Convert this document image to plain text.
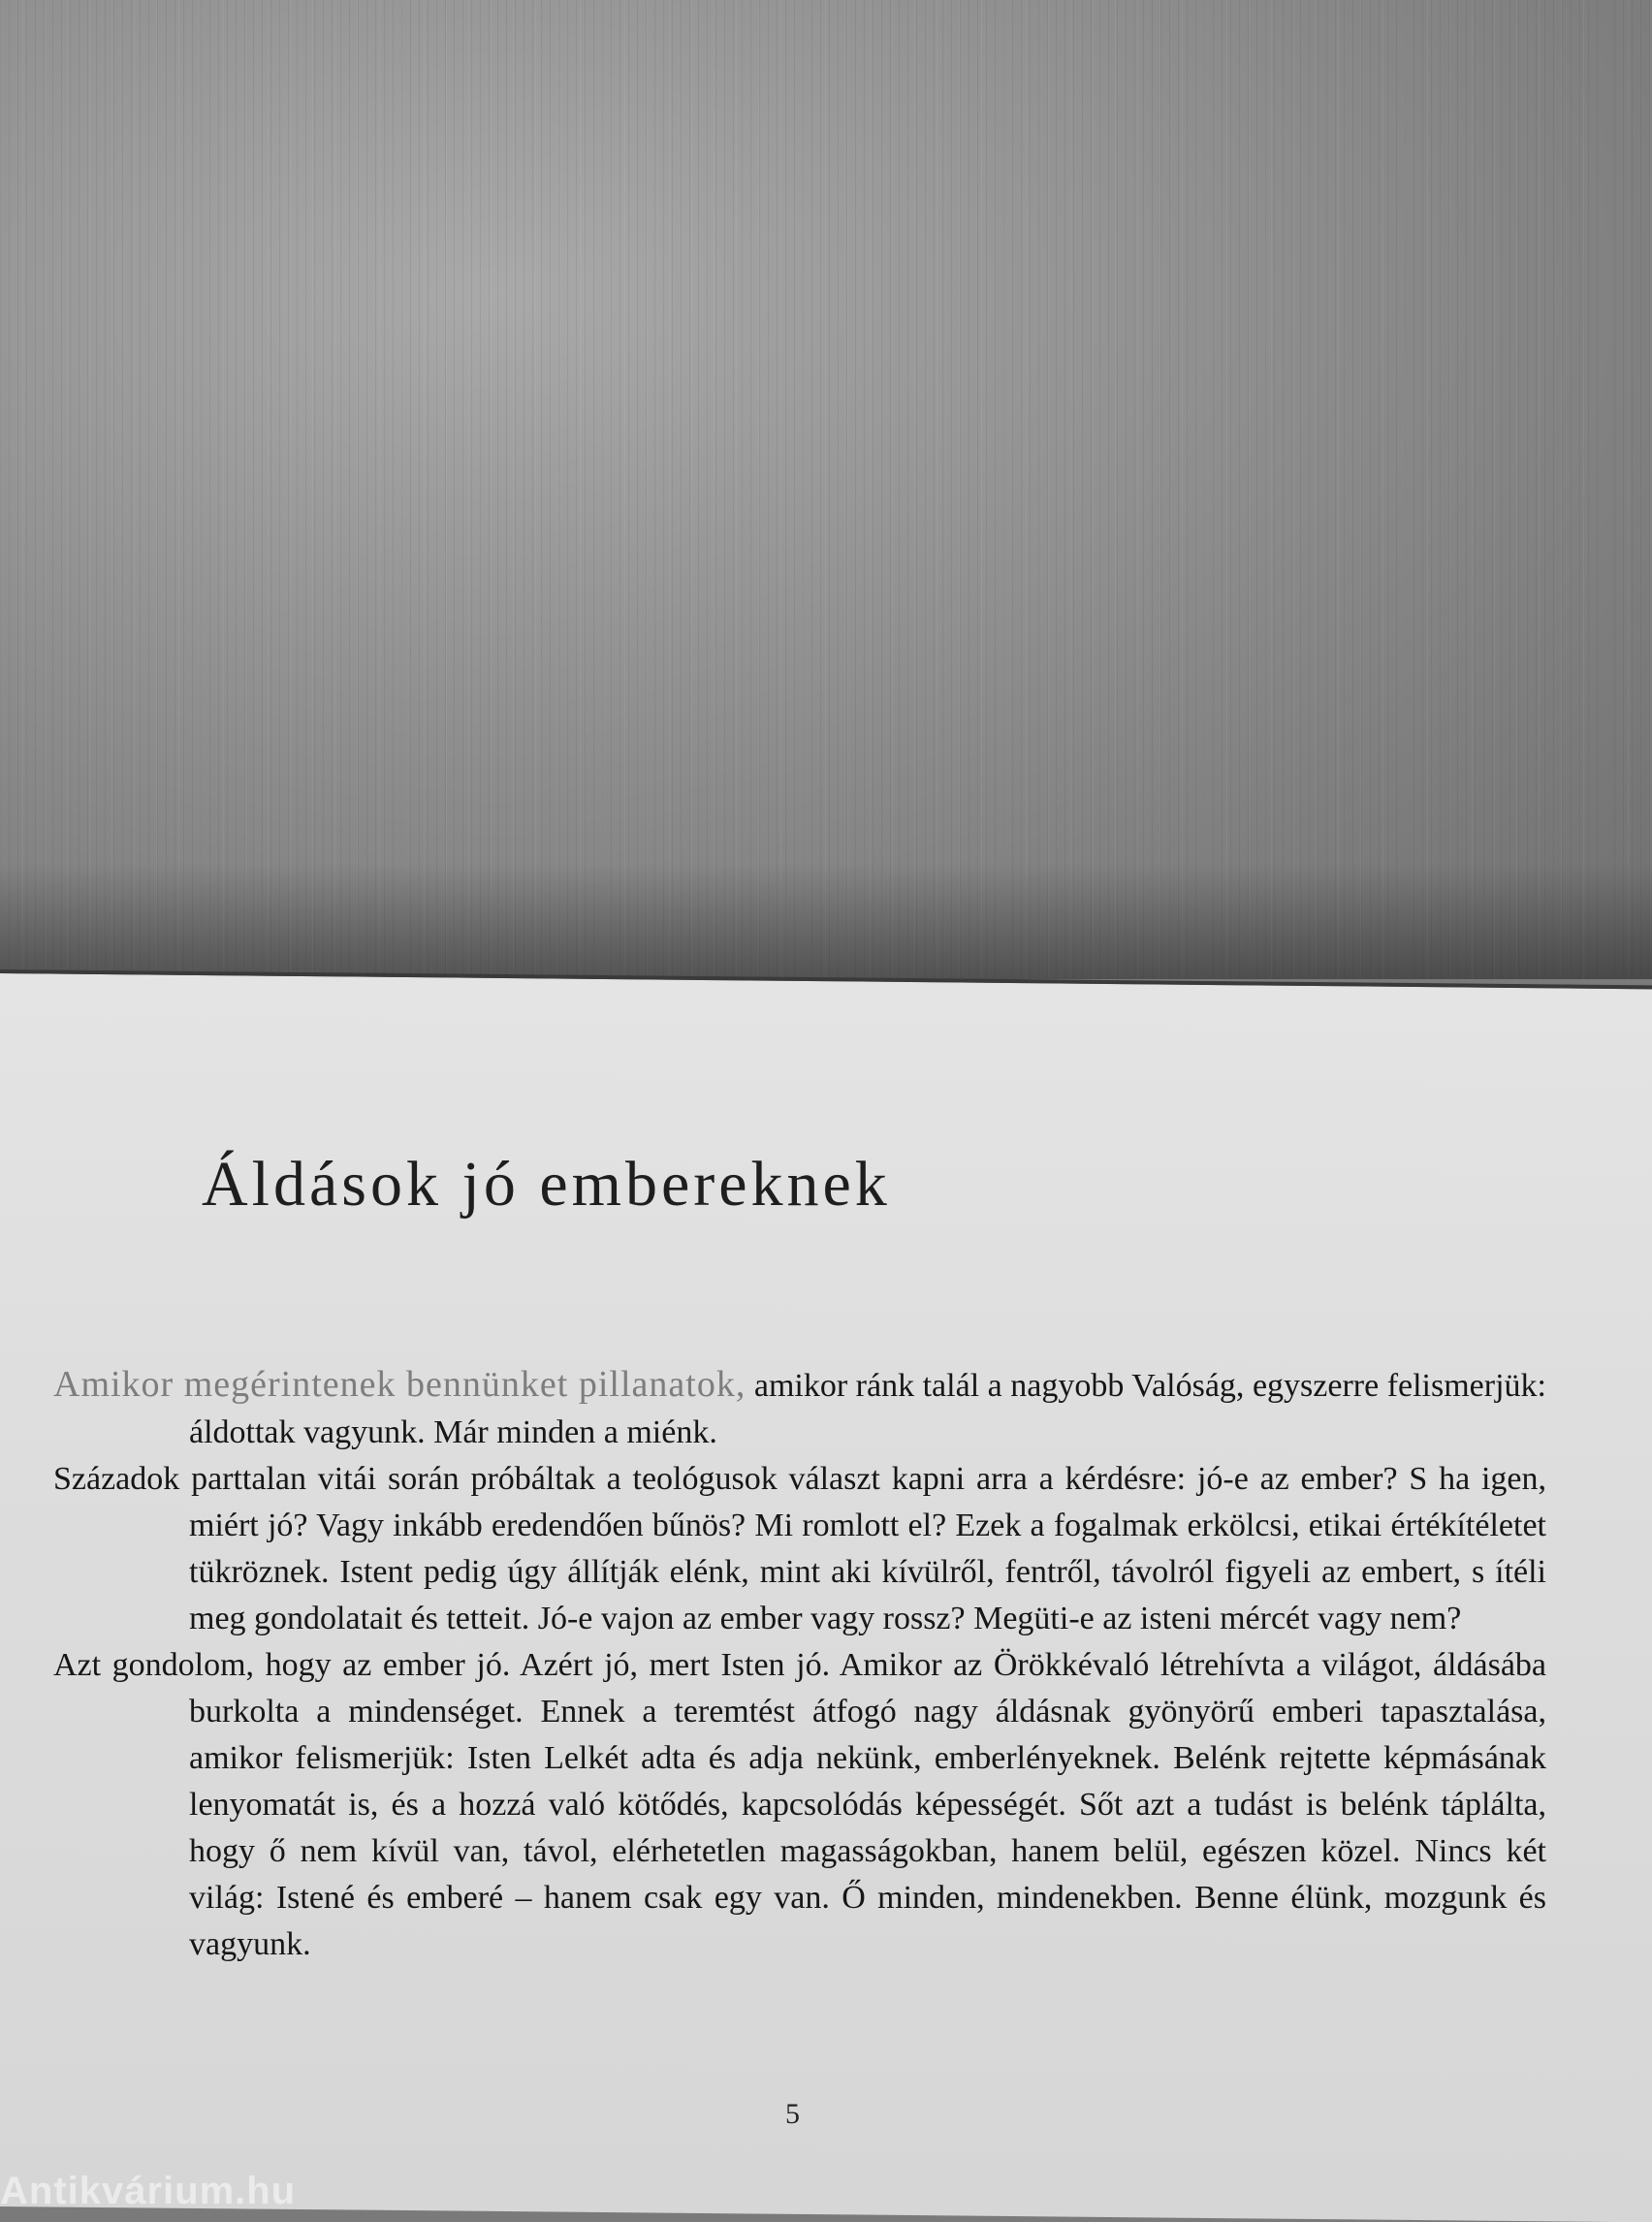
Áldások jó embereknek

Amikor megérintenek bennünket pillanatok, amikor ránk talál a nagyobb Valóság, egyszerre felismerjük: áldottak vagyunk. Már minden a miénk.

Századok parttalan vitái során próbáltak a teológusok választ kapni arra a kérdésre: jó-e az ember? S ha igen, miért jó? Vagy inkább eredendően bűnös? Mi romlott el? Ezek a fogalmak erkölcsi, etikai értékítéletet tükröznek. Istent pedig úgy állítják elénk, mint aki kívülről, fentről, távolról figyeli az embert, s ítéli meg gondolatait és tetteit. Jó-e vajon az ember vagy rossz? Megüti-e az isteni mércét vagy nem?

Azt gondolom, hogy az ember jó. Azért jó, mert Isten jó. Amikor az Örökkévaló létrehívta a világot, áldásába burkolta a mindenséget. Ennek a teremtést átfogó nagy áldásnak gyönyörű emberi tapasztalása, amikor felismerjük: Isten Lelkét adta és adja nekünk, emberlényeknek. Belénk rejtette képmásának lenyomatát is, és a hozzá való kötődés, kapcsolódás képességét. Sőt azt a tudást is belénk táplálta, hogy ő nem kívül van, távol, elérhetetlen magasságokban, hanem belül, egészen közel. Nincs két világ: Istené és emberé – hanem csak egy van. Ő minden, mindenekben. Benne élünk, mozgunk és vagyunk.

5
Antikvárium.hu
